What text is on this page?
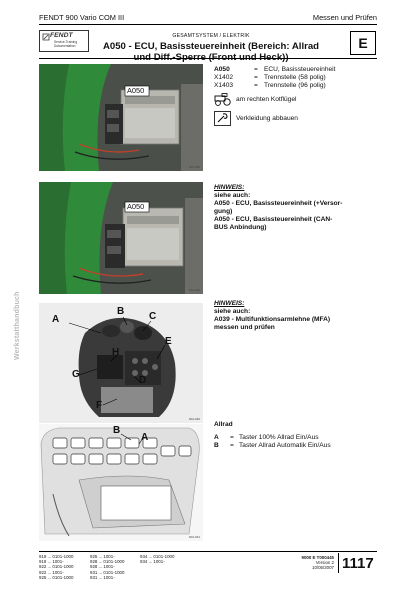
FENDT 900 Vario COM III	Messen und Prüfen
FENDT
Service-Training
Dokumentation
GESAMTSYSTEM / ELEKTRIK
A050 - ECU, Basissteuereinheit (Bereich: Allrad
und Diff.-Sperre (Front und Heck))
E
Werkstatthandbuch
A050
602-028
A050
602-029
A
B C
E
H
G
D
F
602-030
B
A
602-031
A050	= ECU, Basissteuereinheit
X1402	= Trennstelle (58 polig)
X1403	= Trennstelle (96 polig)
am rechten Kotflügel
Verkleidung abbauen
HINWEIS:
siehe auch:
A050 - ECU, Basissteuereinheit (+Versor-
gung)
A050 - ECU, Basissteuereinheit (CAN-
BUS Anbindung)
HINWEIS:
siehe auch:
A039 - Multifunktionsarmlehne (MFA)
messen und prüfen
Allrad
A	= Taster 100% Allrad Ein/Aus
B	= Taster Allrad Automatik Ein/Aus
919 ... 0101-1000
919 ... 1001-
922 ... 0101-1000
922 ... 1001-
925 ... 0101-1000
925 ... 1001-
928 ... 0101-1000
928 ... 1001-
931 ... 0101-1000
931 ... 1001-
934 ... 0101-1000
934 ... 1001-
9000 E T000445
Version 2
10/05/2007 1117
